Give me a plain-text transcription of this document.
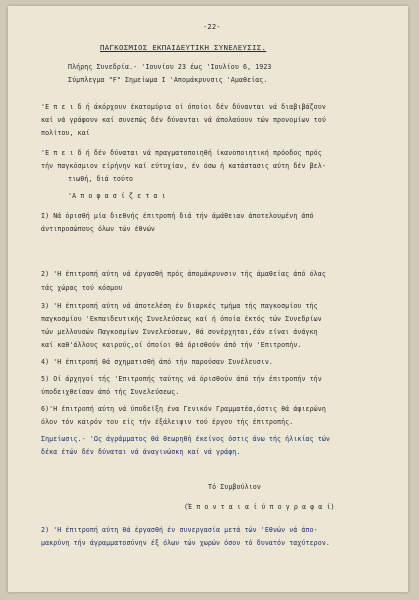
-22-
ΠΑΓΚΟΣΜΙΟΣ ΕΚΠΑΙΔΕΥΤΙΚΗ ΣΥΝΕΛΕΥΣΙΣ.
Πλήρης Συνεδρία.- 'Ιουνίου 23 έως 'Ιουλίου 6, 1923
Σύμπλεγμα "F" Σημείωμα I 'Απομάκρυνσις 'Αμαθείας.
'Ε π ε ι δ ή άκόρχουν έκατομύρια οί όποίοι δέν δύνανται νά διαβιβάζουν
καί νά γράφουν καί συνεπώς δέν δύνανται νά άπολαύουν τών προνομίων τού
πολίτου, καί
'Ε π ε ι δ ή δέν δύναται νά πραγματοποιηθή ίκανοποιητική πρόοδος πρός
τήν παγκόσμιον είρήνην καί εύτυχίαν, έν όσω ή κατάστασις αύτη δέν βελ-
τιωθή, διά τούτο
'Α π ο φ α σ ί ζ ε τ α ι
I) Νά όρισθή μία διεθνής έπιτροπή διά τήν άμάθειαν άποτελουμένη άπό
άντιπροσώπους όλων τών έθνών
2) 'Η έπιτροπή αύτη νά έργασθή πρός άπομάκρυνσιν τής άμαθείας άπό όλας
τάς χώρας τού κόσμου
3) 'Η έπιτροπή αύτη νά άποτελέση έν διαρκές τμήμα τής παγκοσμίου τής
παγκοσμίου 'Εκπαιδευτικής Συνελεύσεως καί ή όποία έκτός τών Συνεδρίων
τών μελλουσών Παγκοσμίων Συνελεύσεων, θά συνέρχηται,έάν είναι άνάγκη
καί καθ'άλλους καιρούς,οί όποίοι θά όρισθούν άπό τήν 'Επιτροπήν.
4) 'Η έπιτροπή θά σχηματισθή άπό τήν παρούσαν Συνέλευσιν.
5) Οί άρχηγοί τής 'Επιτροπής ταύτης νά όρισθούν άπό τήν έπιτροπήν τήν
ύποδειχθείσαν άπό τής Συνελεύσεως.
6)'Η έπιτροπή αύτη νά ύποδείξη ένα Γενικόν Γραμματέα,όστις θά άφιερώνη
όλον τόν καιρόν του είς τήν έξάλειψιν τού έργου τής έπιτροπής.
Σημείωσις.- 'Ως άγράμματος θά θεωρηθή έκείνος όστις άνω τής ήλικίας τών
δέκα έτών δέν δύναται νά άναγινώσκη καί νά γράφη.
Τό Συμβούλιον
(Έ π ο ν τ α ι α ί ύ π ο γ ρ α φ α ί)
2) 'Η έπιτροπή αύτη θά έργασθή έν συνεργασία μετά τών 'Εθνών νά άπο-
μακρύνη τήν άγραμματοσύνην έξ όλων τών χωρών όσον τό δυνατόν ταχύτερον.
